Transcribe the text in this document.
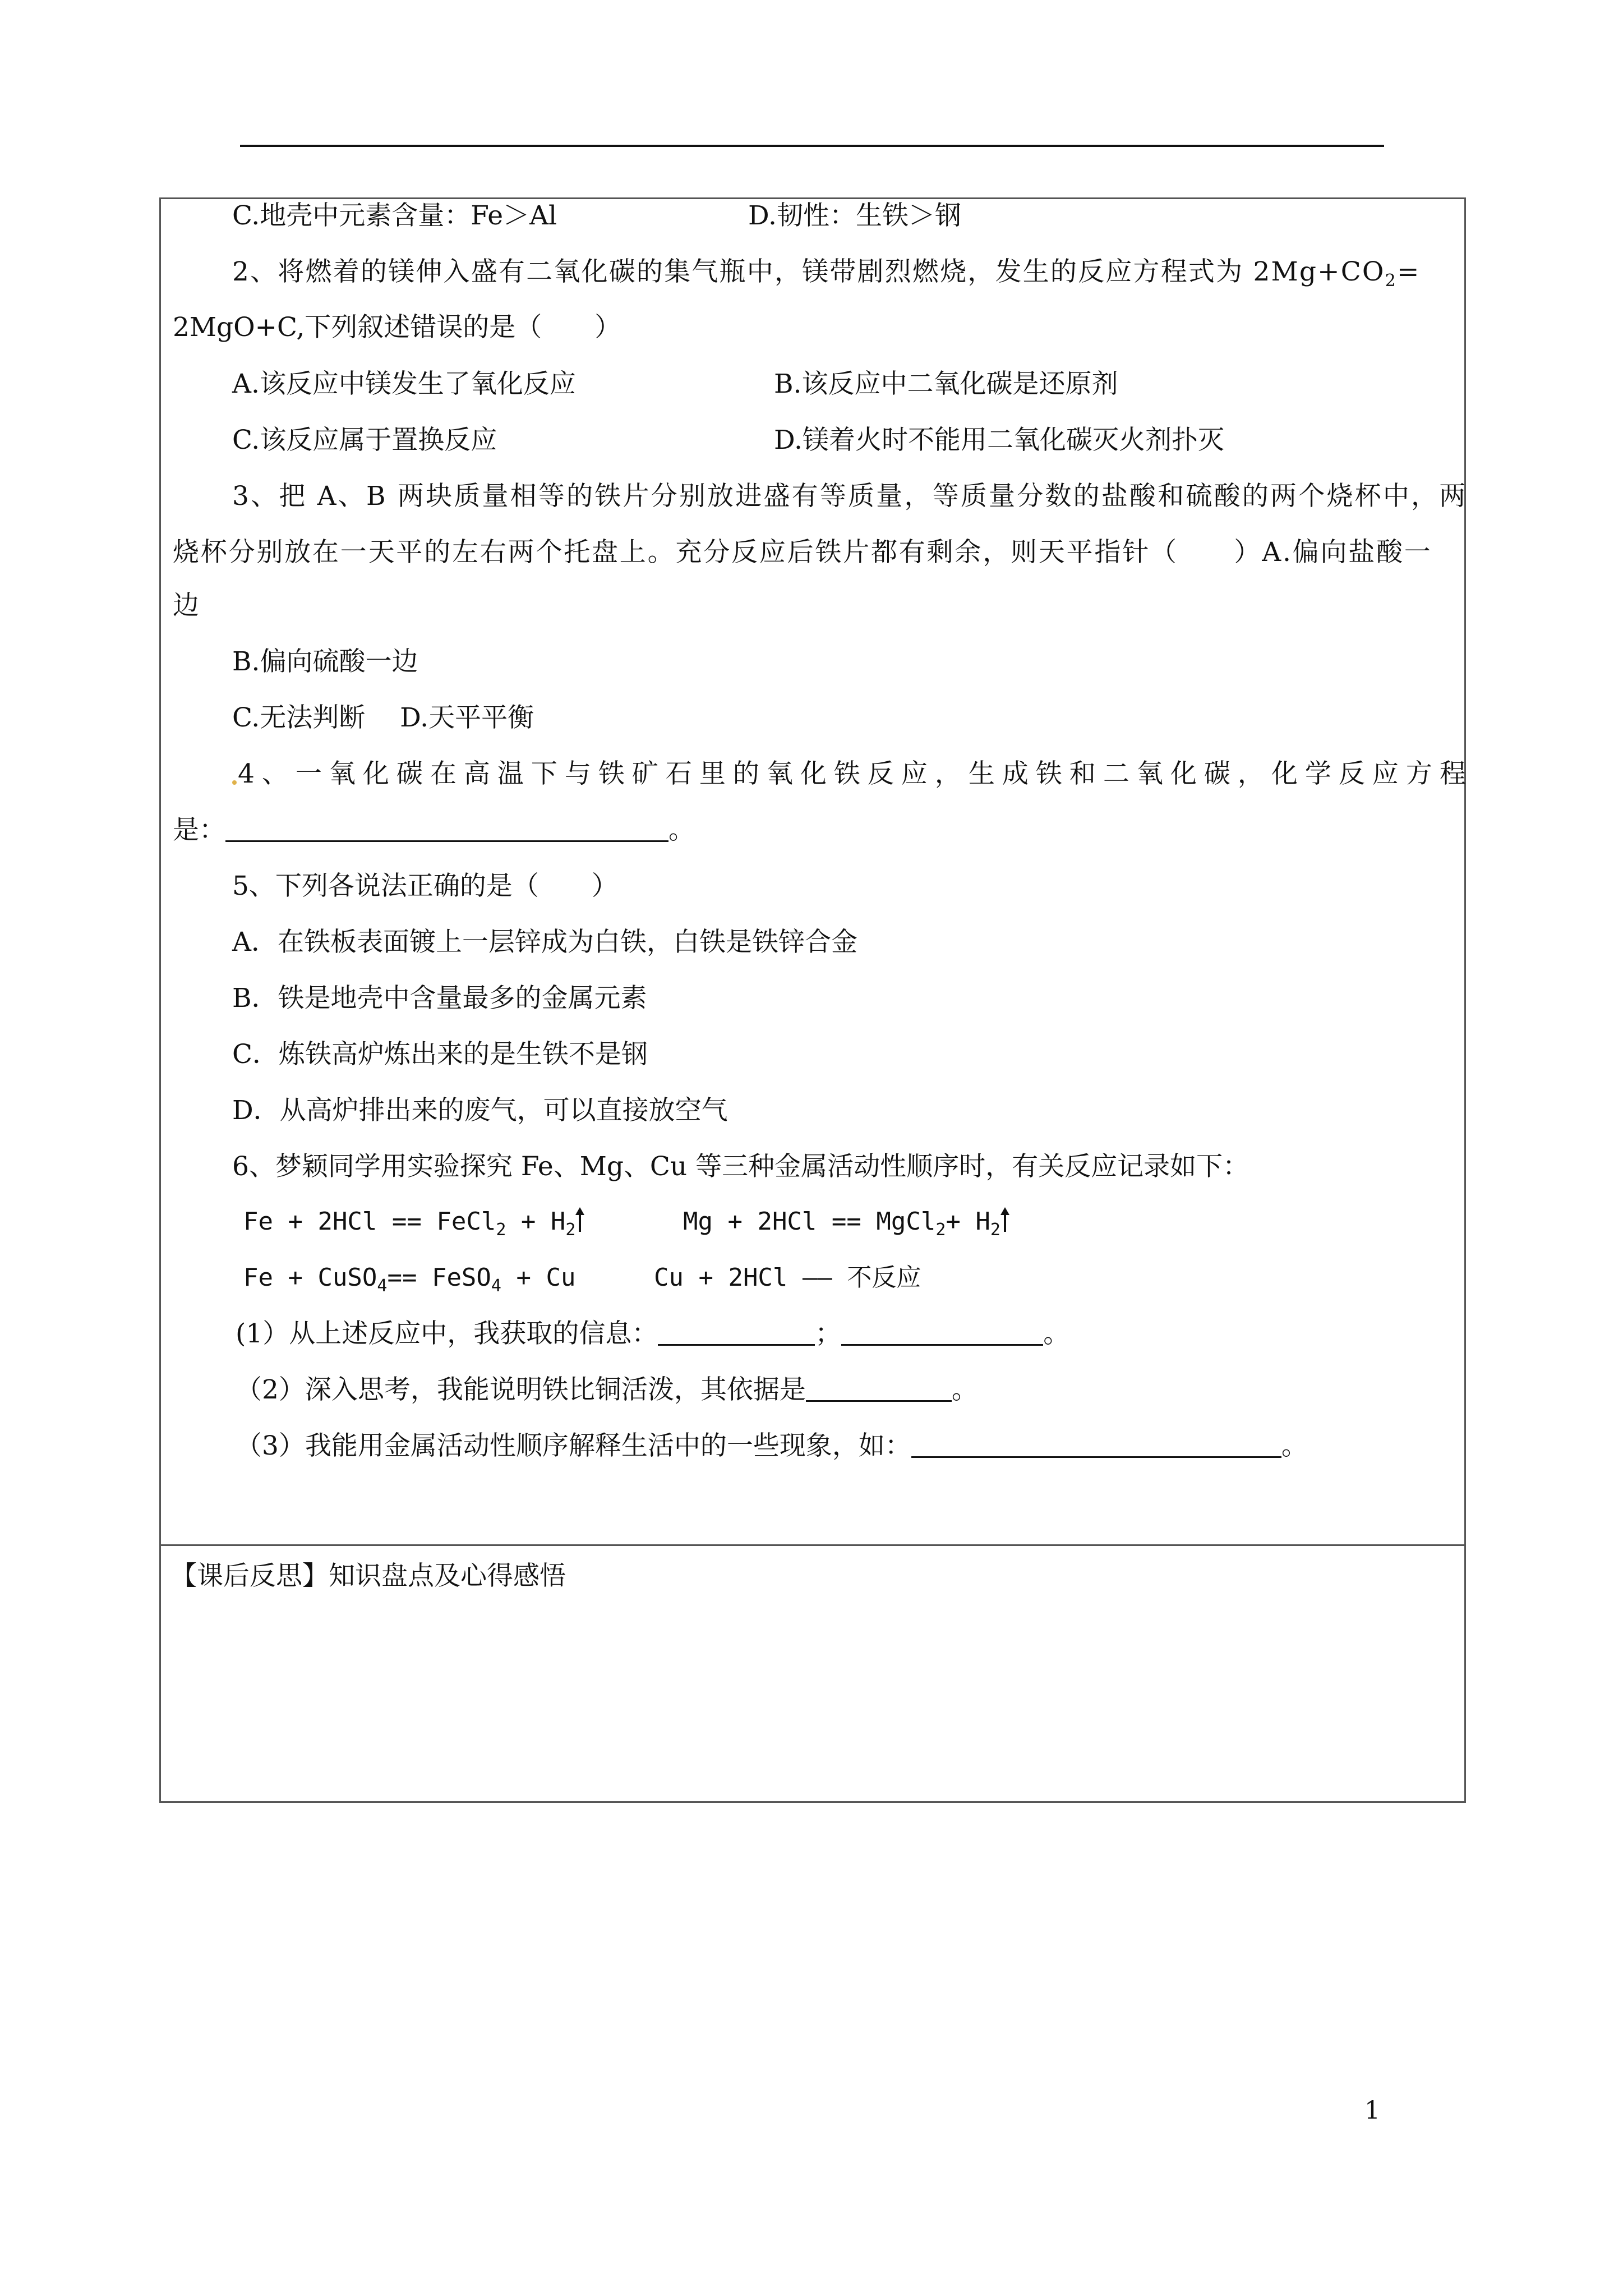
C.地壳中元素含量：Fe＞Al	D.韧性：生铁＞钢
2、将燃着的镁伸入盛有二氧化碳的集气瓶中，镁带剧烈燃烧，发生的反应方程式为 $2Mg+CO_2=$
2MgO+C,下列叙述错误的是（　　）
A.该反应中镁发生了氧化反应	B.该反应中二氧化碳是还原剂
C.该反应属于置换反应	D.镁着火时不能用二氧化碳灭火剂扑灭
3、把 A、B 两块质量相等的铁片分别放进盛有等质量，等质量分数的盐酸和硫酸的两个烧杯中，两
烧杯分别放在一天平的左右两个托盘上。充分反应后铁片都有剩余，则天平指针（　　）A.偏向盐酸一
边
B.偏向硫酸一边
C.无法判断　 D.天平平衡
4、一氧化碳在高温下与铁矿石里的氧化铁反应，生成铁和二氧化碳，化学反应方程
是：	。
5、下列各说法正确的是（　　）
A．在铁板表面镀上一层锌成为白铁，白铁是铁锌合金
B．铁是地壳中含量最多的金属元素
C．炼铁高炉炼出来的是生铁不是钢
D．从高炉排出来的废气，可以直接放空气
6、梦颖同学用实验探究 Fe、Mg、Cu 等三种金属活动性顺序时，有关反应记录如下：
Fe + 2HCl == FeCl$_2$ + $H_2$	Mg + 2HCl == MgCl$_2$+ $H_2$
Fe + CuSO$_4$== FeSO$_4$ + Cu	Cu + 2HCl —— 不反应
(1）从上述反应中，我获取的信息：	；	。
（2）深入思考，我能说明铁比铜活泼，其依据是	。
（3）我能用金属活动性顺序解释生活中的一些现象，如：	。
【课后反思】知识盘点及心得感悟
1
